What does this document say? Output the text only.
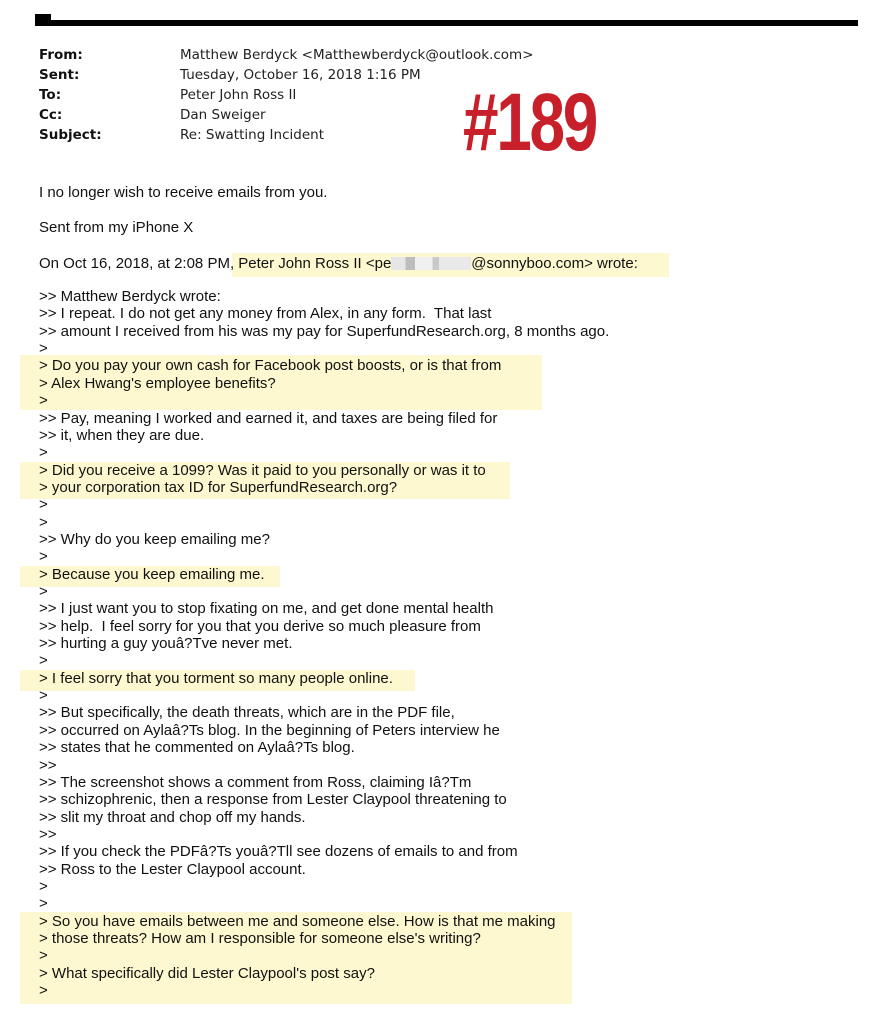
From:	Matthew Berdyck <Matthewberdyck@outlook.com>
Sent:	Tuesday, October 16, 2018 1:16 PM
To:	Peter John Ross II
Cc:	Dan Sweiger
Subject:	Re: Swatting Incident #189
I no longer wish to receive emails from you.
Sent from my iPhone X
On Oct 16, 2018, at 2:08 PM, Peter John Ross II <pe	@sonnyboo.com> wrote:
>> Matthew Berdyck wrote:
>> I repeat. I do not get any money from Alex, in any form.  That last
>> amount I received from his was my pay for SuperfundResearch.org, 8 months ago.
>
> Do you pay your own cash for Facebook post boosts, or is that from
> Alex Hwang's employee benefits?
>
>> Pay, meaning I worked and earned it, and taxes are being filed for
>> it, when they are due.
>
> Did you receive a 1099? Was it paid to you personally or was it to
> your corporation tax ID for SuperfundResearch.org?
>
>
>> Why do you keep emailing me?
>
> Because you keep emailing me.
>
>> I just want you to stop fixating on me, and get done mental health
>> help.  I feel sorry for you that you derive so much pleasure from
>> hurting a guy youâ?Tve never met.
>
> I feel sorry that you torment so many people online.
>
>> But specifically, the death threats, which are in the PDF file,
>> occurred on Aylaâ?Ts blog. In the beginning of Peters interview he
>> states that he commented on Aylaâ?Ts blog.
>>
>> The screenshot shows a comment from Ross, claiming Iâ?Tm
>> schizophrenic, then a response from Lester Claypool threatening to
>> slit my throat and chop off my hands.
>>
>> If you check the PDFâ?Ts youâ?Tll see dozens of emails to and from
>> Ross to the Lester Claypool account.
>
>
> So you have emails between me and someone else. How is that me making
> those threats? How am I responsible for someone else's writing?
>
> What specifically did Lester Claypool's post say?
>
